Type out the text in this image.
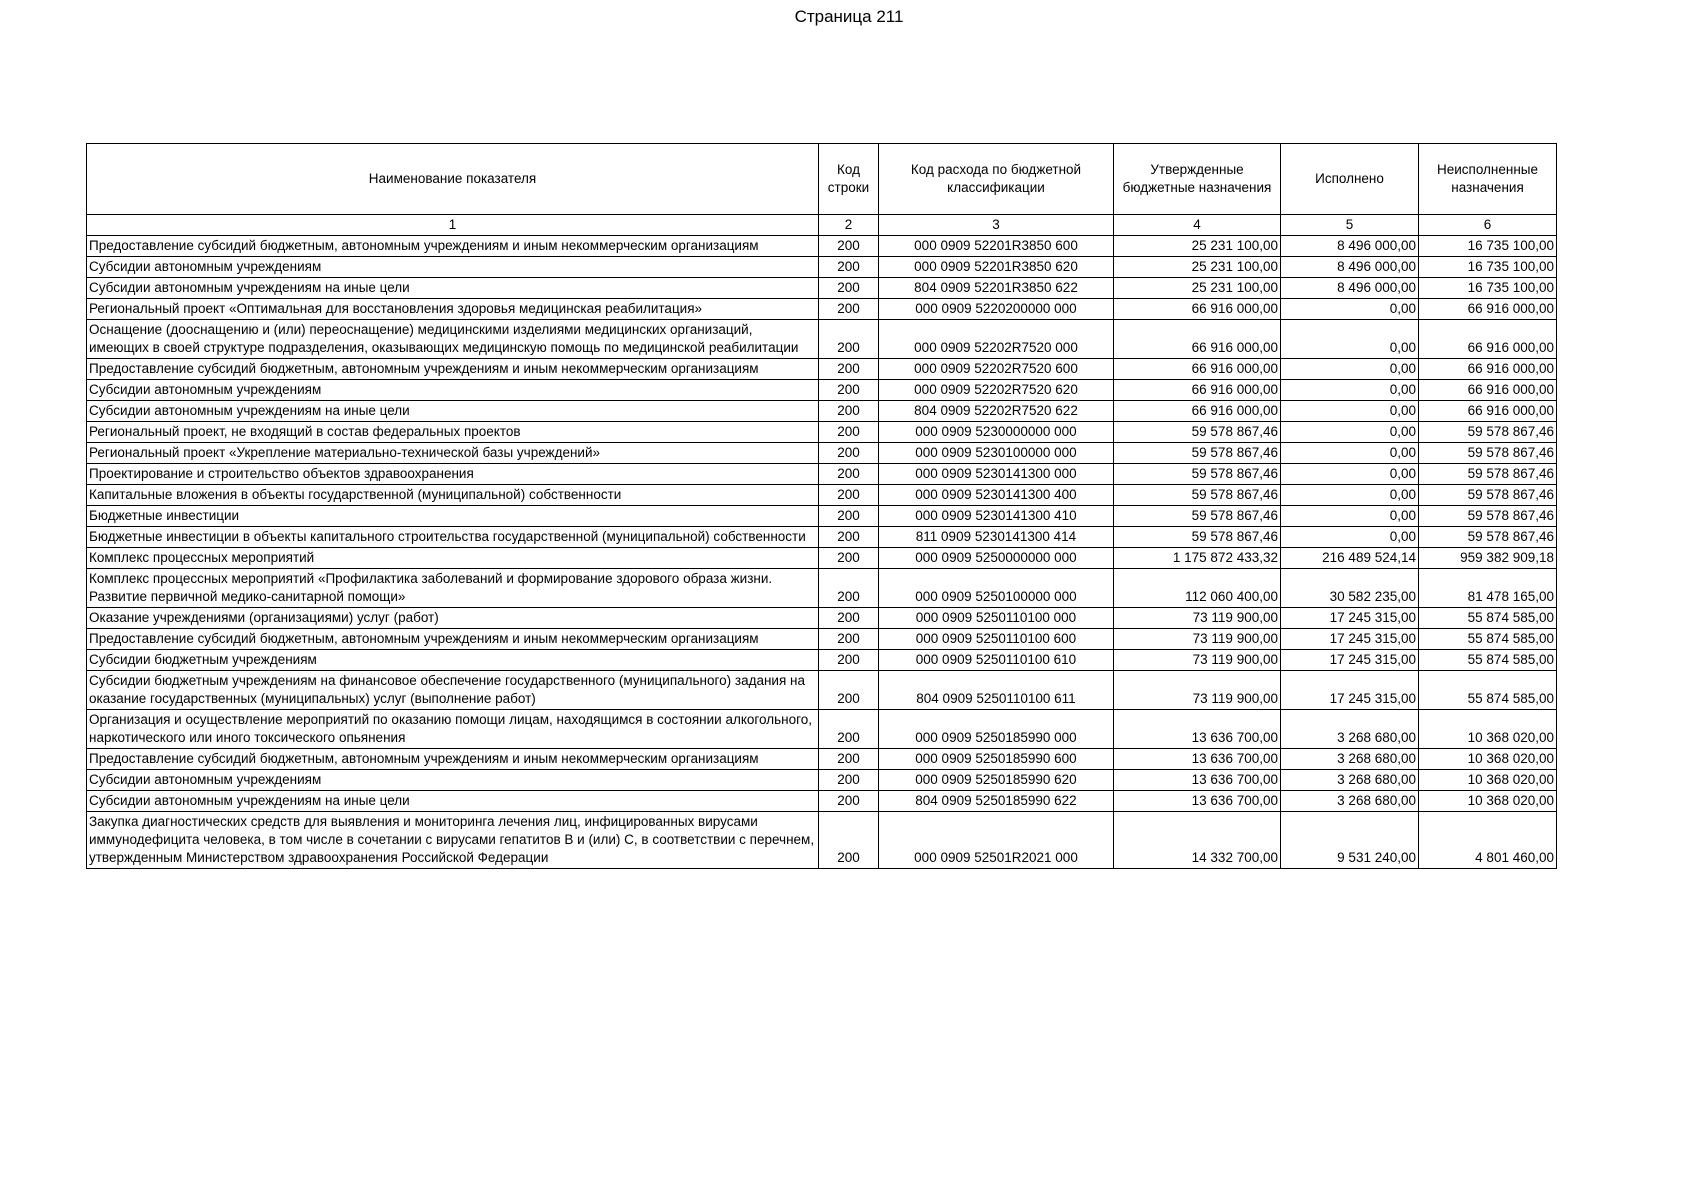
Страница 211
Наименование показателя	Код строки	Код расхода по бюджетной классификации	Утвержденные бюджетные назначения	Исполнено	Неисполненные назначения
1	2	3	4	5	6
Предоставление субсидий бюджетным, автономным учреждениям и иным некоммерческим организациям	200	000 0909 52201R3850 600	25 231 100,00	8 496 000,00	16 735 100,00
Субсидии автономным учреждениям	200	000 0909 52201R3850 620	25 231 100,00	8 496 000,00	16 735 100,00
Субсидии автономным учреждениям на иные цели	200	804 0909 52201R3850 622	25 231 100,00	8 496 000,00	16 735 100,00
Региональный проект «Оптимальная для восстановления здоровья медицинская реабилитация»	200	000 0909 5220200000 000	66 916 000,00	0,00	66 916 000,00
Оснащение (дооснащению и (или) переоснащение) медицинскими изделиями медицинских организаций, имеющих в своей структуре подразделения, оказывающих медицинскую помощь по медицинской реабилитации	200	000 0909 52202R7520 000	66 916 000,00	0,00	66 916 000,00
Предоставление субсидий бюджетным, автономным учреждениям и иным некоммерческим организациям	200	000 0909 52202R7520 600	66 916 000,00	0,00	66 916 000,00
Субсидии автономным учреждениям	200	000 0909 52202R7520 620	66 916 000,00	0,00	66 916 000,00
Субсидии автономным учреждениям на иные цели	200	804 0909 52202R7520 622	66 916 000,00	0,00	66 916 000,00
Региональный проект, не входящий в состав федеральных проектов	200	000 0909 5230000000 000	59 578 867,46	0,00	59 578 867,46
Региональный проект «Укрепление материально-технической базы учреждений»	200	000 0909 5230100000 000	59 578 867,46	0,00	59 578 867,46
Проектирование и строительство объектов здравоохранения	200	000 0909 5230141300 000	59 578 867,46	0,00	59 578 867,46
Капитальные вложения в объекты государственной (муниципальной) собственности	200	000 0909 5230141300 400	59 578 867,46	0,00	59 578 867,46
Бюджетные инвестиции	200	000 0909 5230141300 410	59 578 867,46	0,00	59 578 867,46
Бюджетные инвестиции в объекты капитального строительства государственной (муниципальной) собственности	200	811 0909 5230141300 414	59 578 867,46	0,00	59 578 867,46
Комплекс процессных мероприятий	200	000 0909 5250000000 000	1 175 872 433,32	216 489 524,14	959 382 909,18
Комплекс процессных мероприятий «Профилактика заболеваний и формирование здорового образа жизни. Развитие первичной медико-санитарной помощи»	200	000 0909 5250100000 000	112 060 400,00	30 582 235,00	81 478 165,00
Оказание учреждениями (организациями) услуг (работ)	200	000 0909 5250110100 000	73 119 900,00	17 245 315,00	55 874 585,00
Предоставление субсидий бюджетным, автономным учреждениям и иным некоммерческим организациям	200	000 0909 5250110100 600	73 119 900,00	17 245 315,00	55 874 585,00
Субсидии бюджетным учреждениям	200	000 0909 5250110100 610	73 119 900,00	17 245 315,00	55 874 585,00
Субсидии бюджетным учреждениям на финансовое обеспечение государственного (муниципального) задания на оказание государственных (муниципальных) услуг (выполнение работ)	200	804 0909 5250110100 611	73 119 900,00	17 245 315,00	55 874 585,00
Организация и осуществление мероприятий по оказанию помощи лицам, находящимся в состоянии алкогольного, наркотического или иного токсического опьянения	200	000 0909 5250185990 000	13 636 700,00	3 268 680,00	10 368 020,00
Предоставление субсидий бюджетным, автономным учреждениям и иным некоммерческим организациям	200	000 0909 5250185990 600	13 636 700,00	3 268 680,00	10 368 020,00
Субсидии автономным учреждениям	200	000 0909 5250185990 620	13 636 700,00	3 268 680,00	10 368 020,00
Субсидии автономным учреждениям на иные цели	200	804 0909 5250185990 622	13 636 700,00	3 268 680,00	10 368 020,00
Закупка диагностических средств для выявления и мониторинга лечения лиц, инфицированных вирусами иммунодефицита человека, в том числе в сочетании с вирусами гепатитов В и (или) С, в соответствии с перечнем, утвержденным Министерством здравоохранения Российской Федерации	200	000 0909 52501R2021 000	14 332 700,00	9 531 240,00	4 801 460,00
